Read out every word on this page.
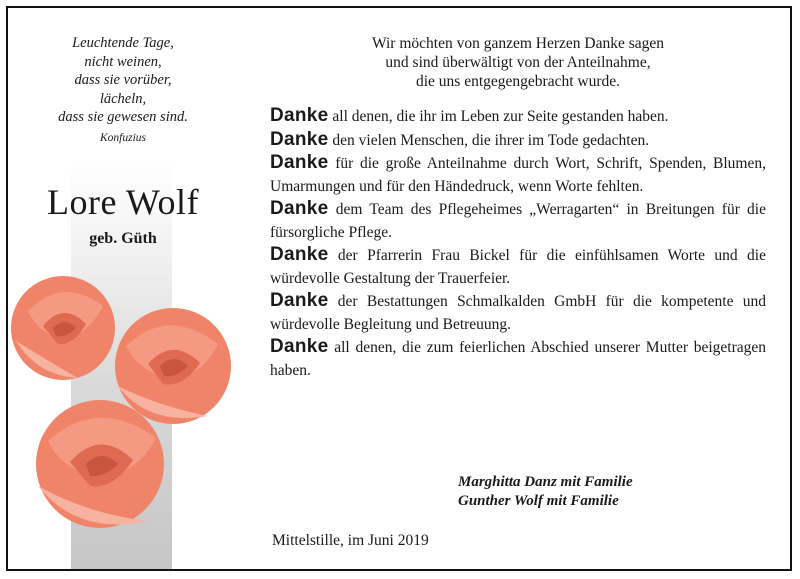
Leuchtende Tage,
nicht weinen,
dass sie vorüber,
lächeln,
dass sie gewesen sind.
Konfuzius
Lore Wolf
geb. Güth

Wir möchten von ganzem Herzen Danke sagen
und sind überwältigt von der Anteilnahme,
die uns entgegengebracht wurde.

Danke all denen, die ihr im Leben zur Seite gestanden haben.
Danke den vielen Menschen, die ihrer im Tode gedachten.
Danke für die große Anteilnahme durch Wort, Schrift, Spenden, Blumen, Umarmungen und für den Händedruck, wenn Worte fehlten.
Danke dem Team des Pflegeheimes „Werragarten“ in Breitungen für die fürsorgliche Pflege.
Danke der Pfarrerin Frau Bickel für die einfühlsamen Worte und die würdevolle Gestaltung der Trauerfeier.
Danke der Bestattungen Schmalkalden GmbH für die kompetente und würdevolle Begleitung und Betreuung.
Danke all denen, die zum feierlichen Abschied unserer Mutter beigetragen haben.
Marghitta Danz mit Familie
Gunther Wolf mit Familie
Mittelstille, im Juni 2019
